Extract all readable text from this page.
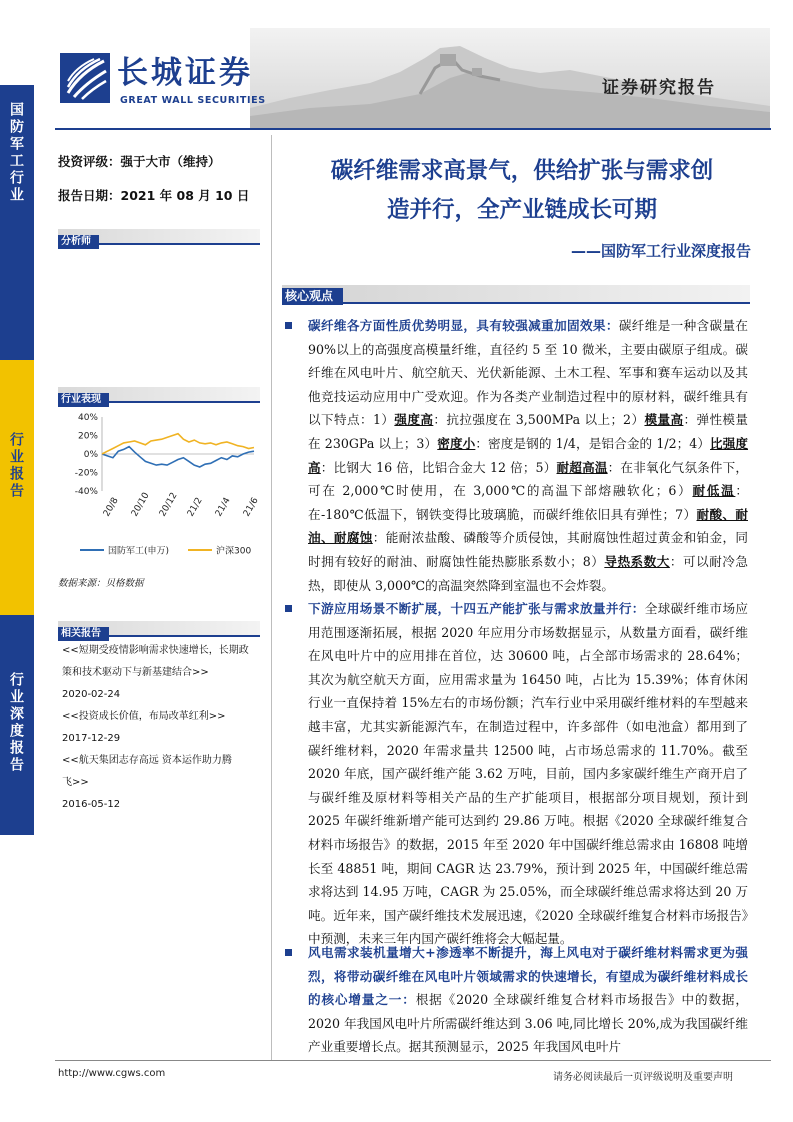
国防军工行业
行业报告
行业深度报告
长城证券
GREAT WALL SECURITIES
证券研究报告
投资评级：强于大市（维持）
报告日期：2021 年 08 月 10 日
分析师
行业表现
40%
20%
0%
-20%
-40%
20/8 20/10 20/12 21/2 21/4 21/6
国防军工(申万)	沪深300
数据来源：贝格数据
相关报告
<<短期受疫情影响需求快速增长，长期政
策和技术驱动下与新基建结合>>
2020-02-24
<<投资成长价值，布局改革红利>>
2017-12-29
<<航天集团志存高远 资本运作助力腾
飞>>
2016-05-12
碳纤维需求高景气，供给扩张与需求创
造并行，全产业链成长可期
——国防军工行业深度报告
核心观点
碳纤维各方面性质优势明显，具有较强减重加固效果：碳纤维是一种含碳量在90%以上的高强度高模量纤维，直径约 5 至 10 微米，主要由碳原子组成。碳纤维在风电叶片、航空航天、光伏新能源、土木工程、军事和赛车运动以及其他竞技运动应用中广受欢迎。作为各类产业制造过程中的原材料，碳纤维具有以下特点：1）强度高：抗拉强度在 3,500MPa 以上；2）模量高：弹性模量在 230GPa 以上；3）密度小：密度是钢的 1/4，是铝合金的 1/2；4）比强度高：比钢大 16 倍，比铝合金大 12 倍；5）耐超高温：在非氧化气氛条件下，可在 2,000℃时使用，在 3,000℃的高温下部熔融软化；6）耐低温：在-180℃低温下，钢铁变得比玻璃脆，而碳纤维依旧具有弹性；7）耐酸、耐油、耐腐蚀：能耐浓盐酸、磷酸等介质侵蚀，其耐腐蚀性超过黄金和铂金，同时拥有较好的耐油、耐腐蚀性能热膨胀系数小；8）导热系数大：可以耐冷急热，即使从 3,000℃的高温突然降到室温也不会炸裂。
下游应用场景不断扩展，十四五产能扩张与需求放量并行：全球碳纤维市场应用范围逐渐拓展，根据 2020 年应用分市场数据显示，从数量方面看，碳纤维在风电叶片中的应用排在首位，达 30600 吨，占全部市场需求的 28.64%；其次为航空航天方面，应用需求量为 16450 吨，占比为 15.39%；体育休闲行业一直保持着 15%左右的市场份额；汽车行业中采用碳纤维材料的车型越来越丰富，尤其实新能源汽车，在制造过程中，许多部件（如电池盒）都用到了碳纤维材料，2020 年需求量共 12500 吨，占市场总需求的 11.70%。截至 2020 年底，国产碳纤维产能 3.62 万吨，目前，国内多家碳纤维生产商开启了与碳纤维及原材料等相关产品的生产扩能项目，根据部分项目规划，预计到 2025 年碳纤维新增产能可达到约 29.86 万吨。根据《2020 全球碳纤维复合材料市场报告》的数据，2015 年至 2020 年中国碳纤维总需求由 16808 吨增长至 48851 吨，期间 CAGR 达 23.79%，预计到 2025 年，中国碳纤维总需求将达到 14.95 万吨，CAGR 为 25.05%，而全球碳纤维总需求将达到 20 万吨。近年来，国产碳纤维技术发展迅速，《2020 全球碳纤维复合材料市场报告》中预测，未来三年内国产碳纤维将会大幅起量。
风电需求装机量增大+渗透率不断提升，海上风电对于碳纤维材料需求更为强烈，将带动碳纤维在风电叶片领域需求的快速增长，有望成为碳纤维材料成长的核心增量之一：根据《2020 全球碳纤维复合材料市场报告》中的数据，2020 年我国风电叶片所需碳纤维达到 3.06 吨,同比增长 20%,成为我国碳纤维产业重要增长点。据其预测显示，2025 年我国风电叶片
http://www.cgws.com	请务必阅读最后一页评级说明及重要声明
